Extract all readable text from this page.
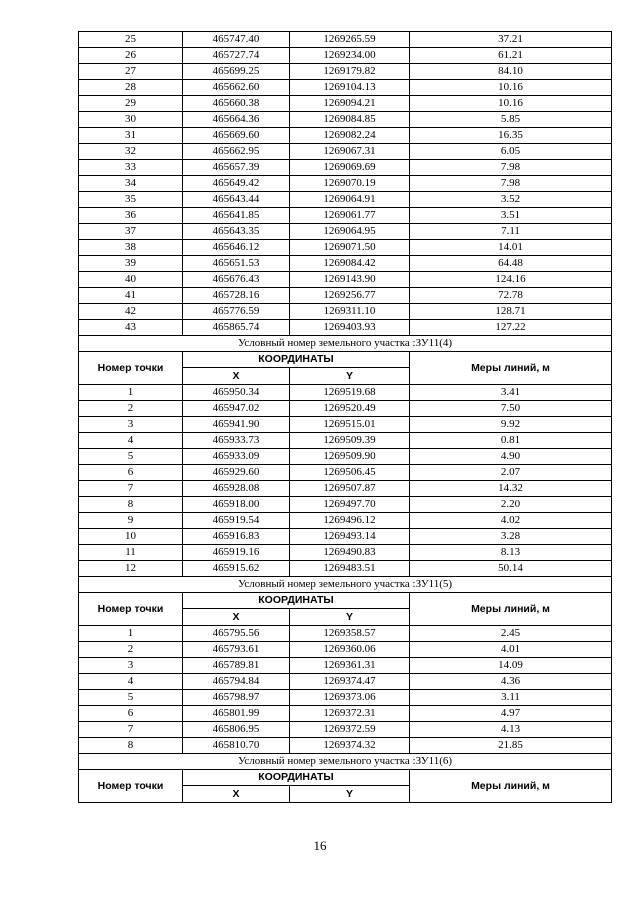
25	465747.40	1269265.59	37.21
26	465727.74	1269234.00	61.21
27	465699.25	1269179.82	84.10
28	465662.60	1269104.13	10.16
29	465660.38	1269094.21	10.16
30	465664.36	1269084.85	5.85
31	465669.60	1269082.24	16.35
32	465662.95	1269067.31	6.05
33	465657.39	1269069.69	7.98
34	465649.42	1269070.19	7.98
35	465643.44	1269064.91	3.52
36	465641.85	1269061.77	3.51
37	465643.35	1269064.95	7.11
38	465646.12	1269071.50	14.01
39	465651.53	1269084.42	64.48
40	465676.43	1269143.90	124.16
41	465728.16	1269256.77	72.78
42	465776.59	1269311.10	128.71
43	465865.74	1269403.93	127.22
Условный номер земельного участка :ЗУ11(4)			
Номер точки	КООРДИНАТЫ		Меры линий, м
	X	Y	
1	465950.34	1269519.68	3.41
2	465947.02	1269520.49	7.50
3	465941.90	1269515.01	9.92
4	465933.73	1269509.39	0.81
5	465933.09	1269509.90	4.90
6	465929.60	1269506.45	2.07
7	465928.08	1269507.87	14.32
8	465918.00	1269497.70	2.20
9	465919.54	1269496.12	4.02
10	465916.83	1269493.14	3.28
11	465919.16	1269490.83	8.13
12	465915.62	1269483.51	50.14
Условный номер земельного участка :ЗУ11(5)			
Номер точки	КООРДИНАТЫ		Меры линий, м
	X	Y	
1	465795.56	1269358.57	2.45
2	465793.61	1269360.06	4.01
3	465789.81	1269361.31	14.09
4	465794.84	1269374.47	4.36
5	465798.97	1269373.06	3.11
6	465801.99	1269372.31	4.97
7	465806.95	1269372.59	4.13
8	465810.70	1269374.32	21.85
Условный номер земельного участка :ЗУ11(6)			
Номер точки	КООРДИНАТЫ		Меры линий, м
	X	Y	
16
